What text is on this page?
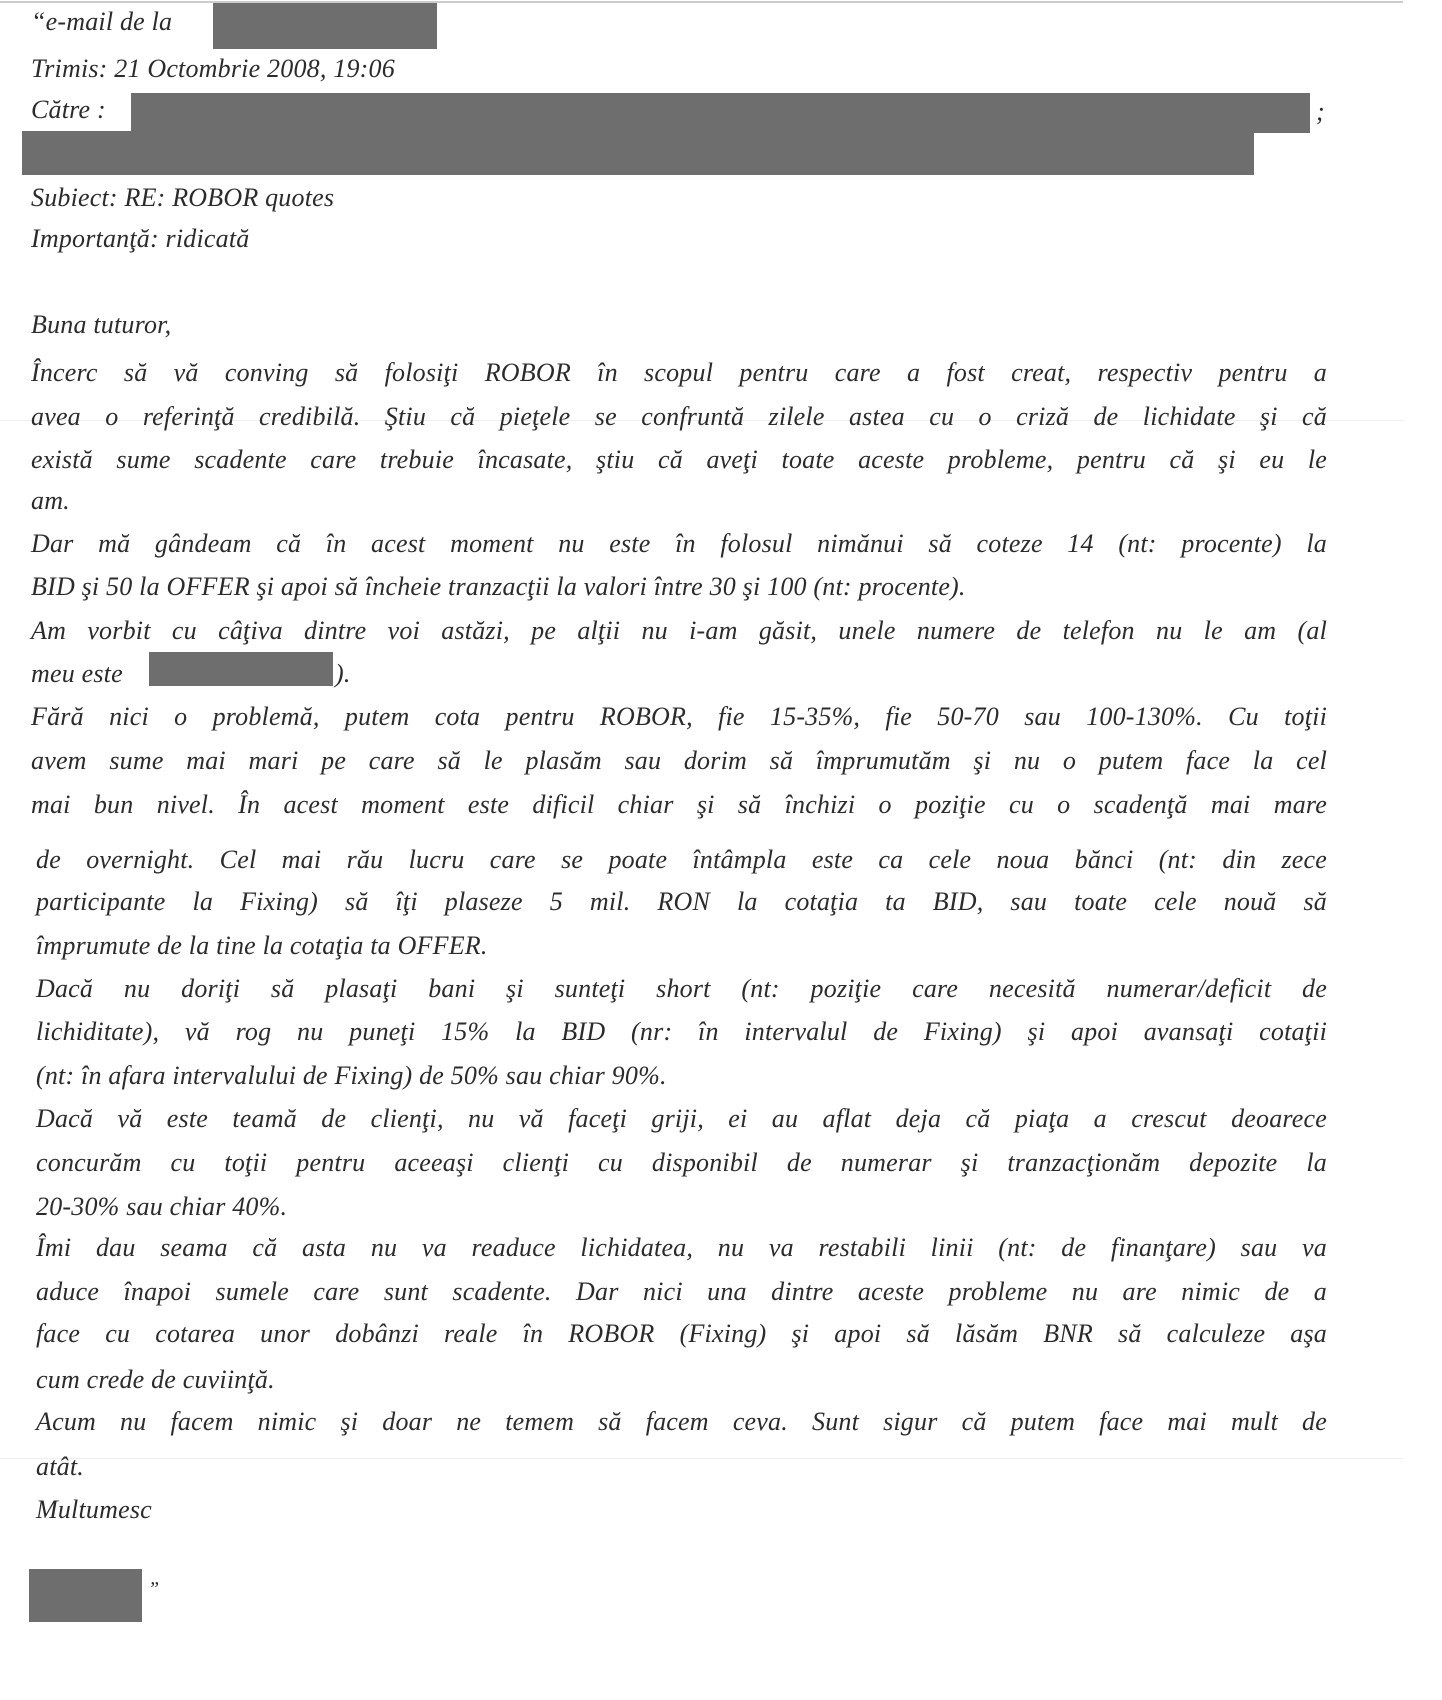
“e-mail de la
Trimis: 21 Octombrie 2008, 19:06
Către :	;
Subiect: RE: ROBOR quotes
Importanţă: ridicată
Buna tuturor,
Încerc să vă conving să folosiţi ROBOR în scopul pentru care a fost creat, respectiv pentru a
avea o referinţă credibilă. Ştiu că pieţele se confruntă zilele astea cu o criză de lichidate şi că
există sume scadente care trebuie încasate, ştiu că aveţi toate aceste probleme, pentru că şi eu le
am.
Dar mă gândeam că în acest moment nu este în folosul nimănui să coteze 14 (nt: procente) la
BID şi 50 la OFFER şi apoi să încheie tranzacţii la valori între 30 şi 100 (nt: procente).
Am vorbit cu câţiva dintre voi astăzi, pe alţii nu i-am găsit, unele numere de telefon nu le am (al
meu este	).
Fără nici o problemă, putem cota pentru ROBOR, fie 15-35%, fie 50-70 sau 100-130%. Cu toţii
avem sume mai mari pe care să le plasăm sau dorim să împrumutăm şi nu o putem face la cel
mai bun nivel. În acest moment este dificil chiar şi să închizi o poziţie cu o scadenţă mai mare
de overnight. Cel mai rău lucru care se poate întâmpla este ca cele noua bănci (nt: din zece
participante la Fixing) să îţi plaseze 5 mil. RON la cotaţia ta BID, sau toate cele nouă să
împrumute de la tine la cotaţia ta OFFER.
Dacă nu doriţi să plasaţi bani şi sunteţi short (nt: poziţie care necesită numerar/deficit de
lichiditate), vă rog nu puneţi 15% la BID (nr: în intervalul de Fixing) şi apoi avansaţi cotaţii
(nt: în afara intervalului de Fixing) de 50% sau chiar 90%.
Dacă vă este teamă de clienţi, nu vă faceţi griji, ei au aflat deja că piaţa a crescut deoarece
concurăm cu toţii pentru aceeaşi clienţi cu disponibil de numerar şi tranzacţionăm depozite la
20-30% sau chiar 40%.
Îmi dau seama că asta nu va readuce lichidatea, nu va restabili linii (nt: de finanţare) sau va
aduce înapoi sumele care sunt scadente. Dar nici una dintre aceste probleme nu are nimic de a
face cu cotarea unor dobânzi reale în ROBOR (Fixing) şi apoi să lăsăm BNR să calculeze aşa
cum crede de cuviinţă.
Acum nu facem nimic şi doar ne temem să facem ceva. Sunt sigur că putem face mai mult de
atât.
Multumesc
”
